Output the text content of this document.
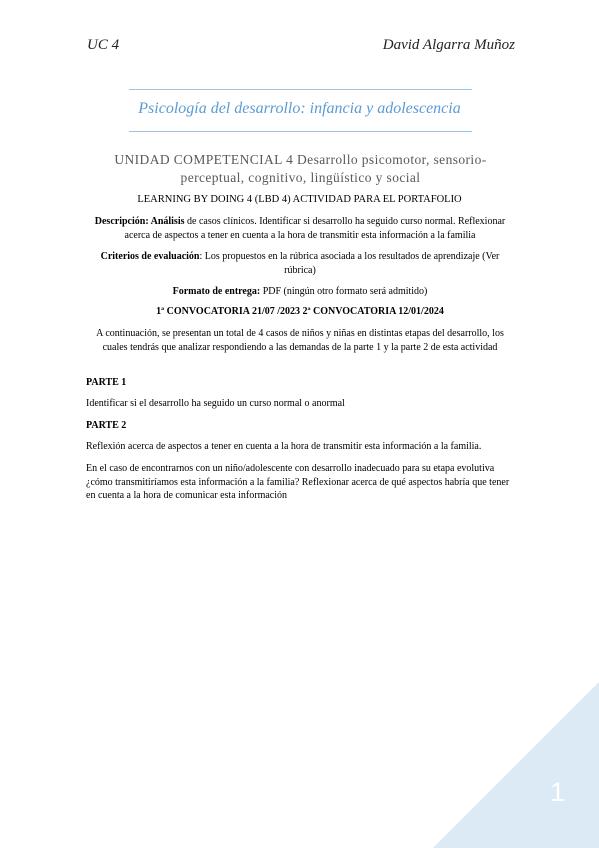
UC 4	David Algarra Muñoz
Psicología del desarrollo: infancia y adolescencia
UNIDAD COMPETENCIAL 4 Desarrollo psicomotor, sensorio-perceptual, cognitivo, lingüístico y social
LEARNING BY DOING 4 (LBD 4) ACTIVIDAD PARA EL PORTAFOLIO
Descripción: Análisis de casos clínicos. Identificar si desarrollo ha seguido curso normal. Reflexionar acerca de aspectos a tener en cuenta a la hora de transmitir esta información a la familia
Criterios de evaluación: Los propuestos en la rúbrica asociada a los resultados de aprendizaje (Ver rúbrica)
Formato de entrega: PDF (ningún otro formato será admitido)
1ª CONVOCATORIA 21/07 /2023 2ª CONVOCATORIA 12/01/2024
A continuación, se presentan un total de 4 casos de niños y niñas en distintas etapas del desarrollo, los cuales tendrás que analizar respondiendo a las demandas de la parte 1 y la parte 2 de esta actividad
PARTE 1
Identificar si el desarrollo ha seguido un curso normal o anormal
PARTE 2
Reflexión acerca de aspectos a tener en cuenta a la hora de transmitir esta información a la familia.
En el caso de encontrarnos con un niño/adolescente con desarrollo inadecuado para su etapa evolutiva ¿cómo transmitiríamos esta información a la familia? Reflexionar acerca de qué aspectos habría que tener en cuenta a la hora de comunicar esta información
1
